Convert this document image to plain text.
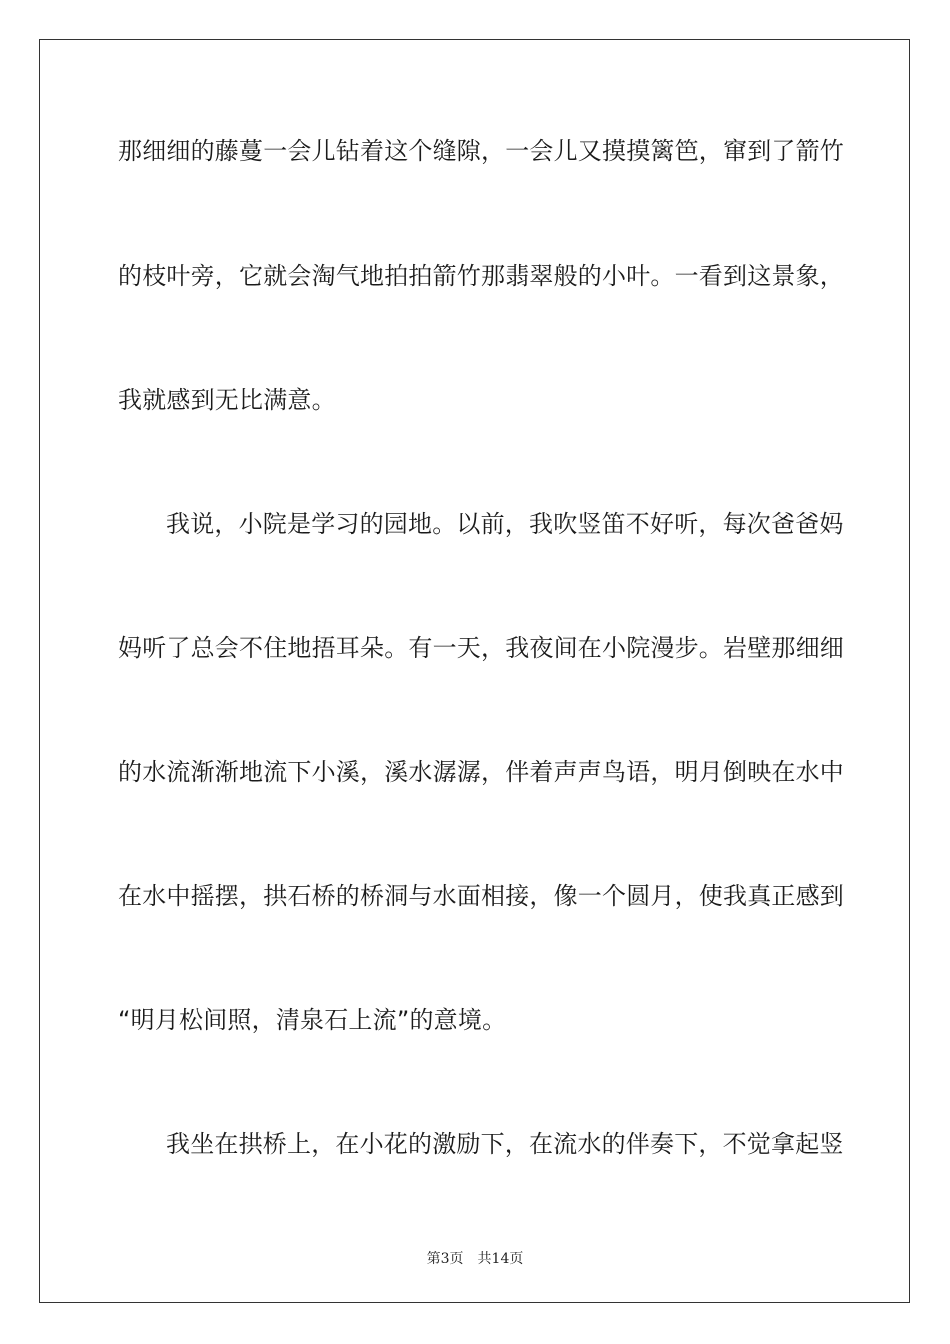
那细细的藤蔓一会儿钻着这个缝隙，一会儿又摸摸篱笆，窜到了箭竹
的枝叶旁，它就会淘气地拍拍箭竹那翡翠般的小叶。一看到这景象，
我就感到无比满意。
我说，小院是学习的园地。以前，我吹竖笛不好听，每次爸爸妈
妈听了总会不住地捂耳朵。有一天，我夜间在小院漫步。岩壁那细细
的水流渐渐地流下小溪，溪水潺潺，伴着声声鸟语，明月倒映在水中
在水中摇摆，拱石桥的桥洞与水面相接，像一个圆月，使我真正感到
“明月松间照，清泉石上流”的意境。
我坐在拱桥上，在小花的激励下，在流水的伴奏下，不觉拿起竖
第3页 共14页
